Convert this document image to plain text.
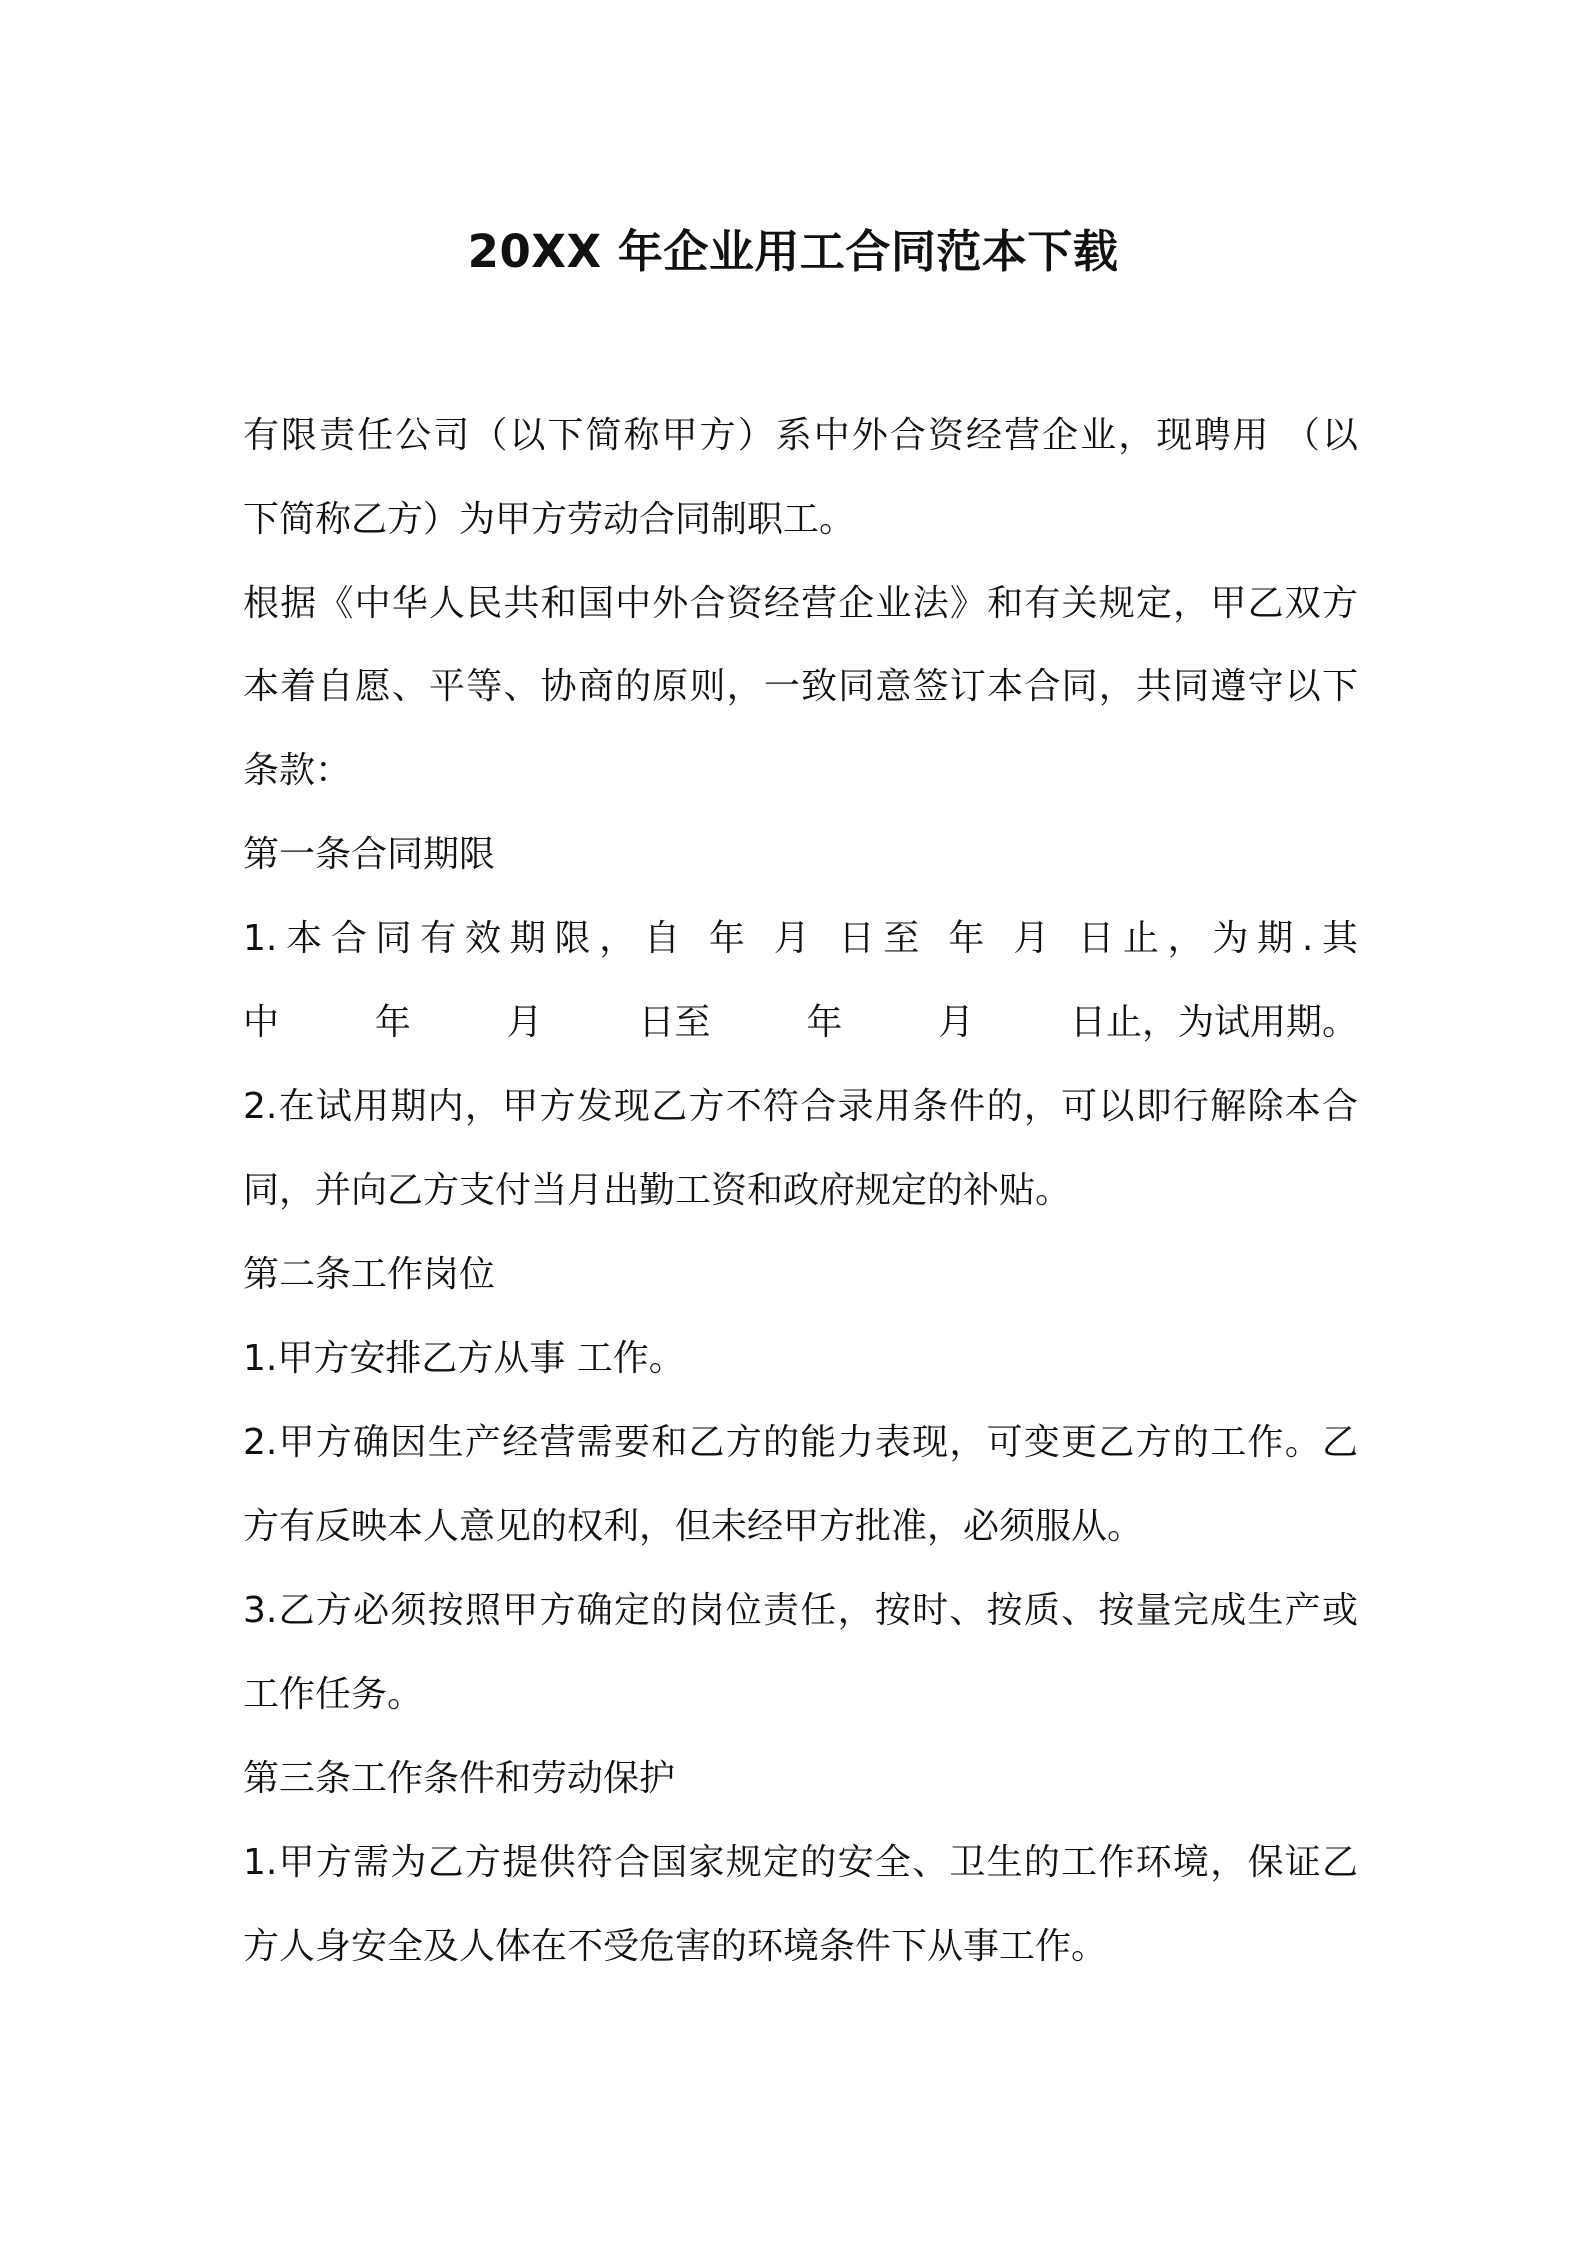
20XX 年企业用工合同范本下载
有限责任公司（以下简称甲方）系中外合资经营企业，现聘用 （以
下简称乙方）为甲方劳动合同制职工。
根据《中华人民共和国中外合资经营企业法》和有关规定，甲乙双方
本着自愿、平等、协商的原则，一致同意签订本合同，共同遵守以下
条款：
第一条合同期限
1.本合同有效期限，自 年 月 日至 年 月 日止，为期.其
中	年	月	日至	年	月	日止，为试用期。
2.在试用期内，甲方发现乙方不符合录用条件的，可以即行解除本合
同，并向乙方支付当月出勤工资和政府规定的补贴。
第二条工作岗位
1.甲方安排乙方从事 工作。
2.甲方确因生产经营需要和乙方的能力表现，可变更乙方的工作。乙
方有反映本人意见的权利，但未经甲方批准，必须服从。
3.乙方必须按照甲方确定的岗位责任，按时、按质、按量完成生产或
工作任务。
第三条工作条件和劳动保护
1.甲方需为乙方提供符合国家规定的安全、卫生的工作环境，保证乙
方人身安全及人体在不受危害的环境条件下从事工作。
